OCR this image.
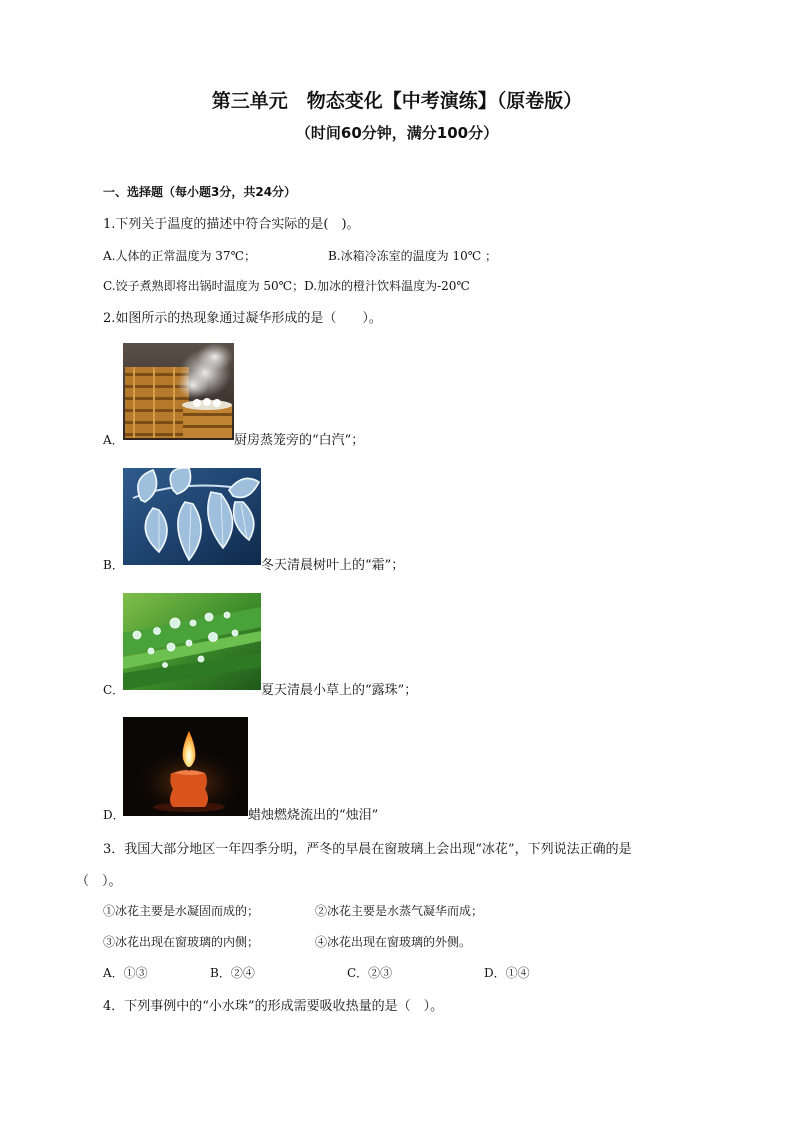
第三单元　物态变化【中考演练】（原卷版）
（时间60分钟，满分100分）
一、选择题（每小题3分，共24分）
1.下列关于温度的描述中符合实际的是(　)。
A.人体的正常温度为 37℃；	B.冰箱冷冻室的温度为 10℃ ；
C.饺子煮熟即将出锅时温度为 50℃；D.加冰的橙汁饮料温度为-20℃
2.如图所示的热现象通过凝华形成的是（　　）。
A．	厨房蒸笼旁的“白汽”；
B．	冬天清晨树叶上的“霜”；
C．	夏天清晨小草上的“露珠”；
D．	蜡烛燃烧流出的“烛泪”
3．我国大部分地区一年四季分明，严冬的早晨在窗玻璃上会出现“冰花”，下列说法正确的是
（　）。
①冰花主要是水凝固而成的；	②冰花主要是水蒸气凝华而成；
③冰花出现在窗玻璃的内侧；	④冰花出现在窗玻璃的外侧。
A．①③	B．②④	C．②③	D．①④
4．下列事例中的“小水珠”的形成需要吸收热量的是（　）。
